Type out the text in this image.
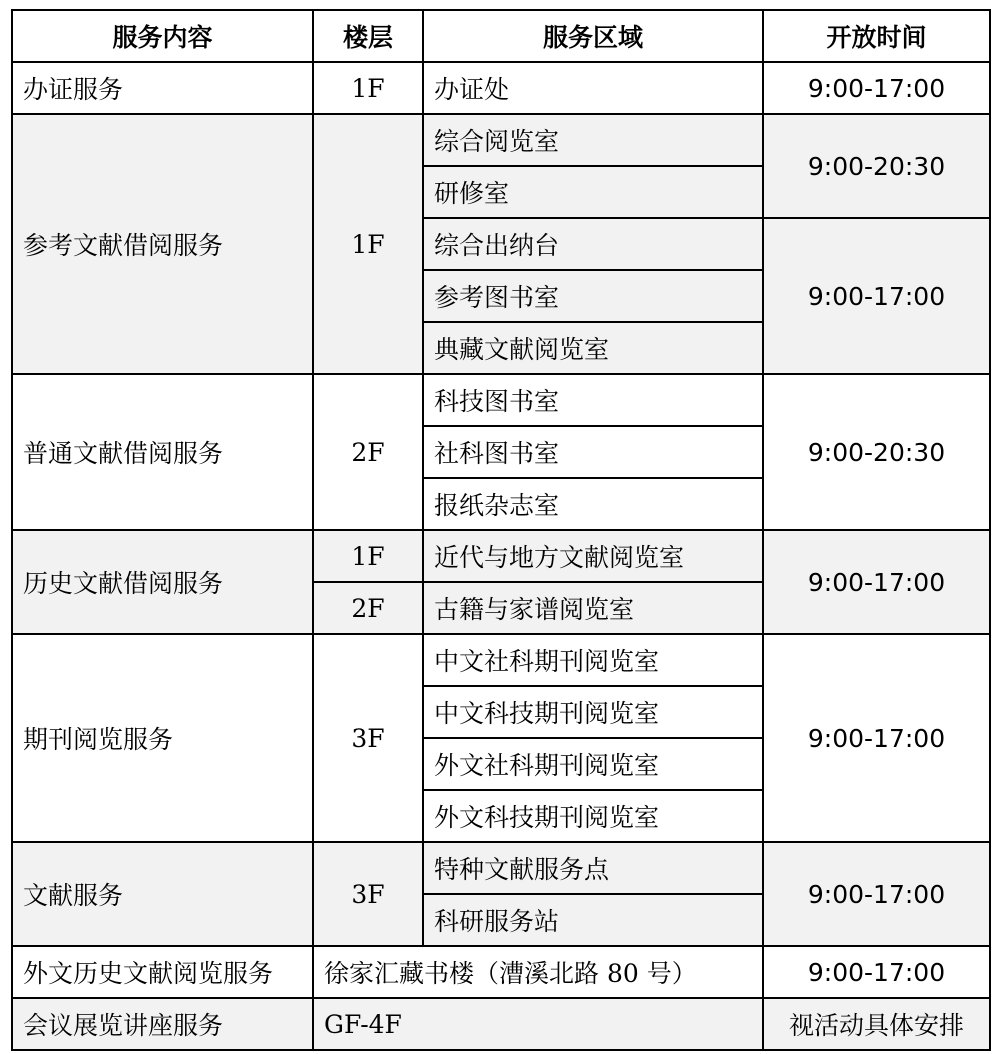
服务内容	楼层	服务区域	开放时间
办证服务	1F	办证处	9:00-17:00
参考文献借阅服务	1F	综合阅览室	9:00-20:30
		研修室	
		综合出纳台	9:00-17:00
		参考图书室	
		典藏文献阅览室	
普通文献借阅服务	2F	科技图书室	9:00-20:30
		社科图书室	
		报纸杂志室	
历史文献借阅服务	1F	近代与地方文献阅览室	9:00-17:00
	2F	古籍与家谱阅览室	
期刊阅览服务	3F	中文社科期刊阅览室	9:00-17:00
		中文科技期刊阅览室	
		外文社科期刊阅览室	
		外文科技期刊阅览室	
文献服务	3F	特种文献服务点	9:00-17:00
		科研服务站	
外文历史文献阅览服务	徐家汇藏书楼（漕溪北路 80 号）		9:00-17:00
会议展览讲座服务	GF-4F		视活动具体安排
